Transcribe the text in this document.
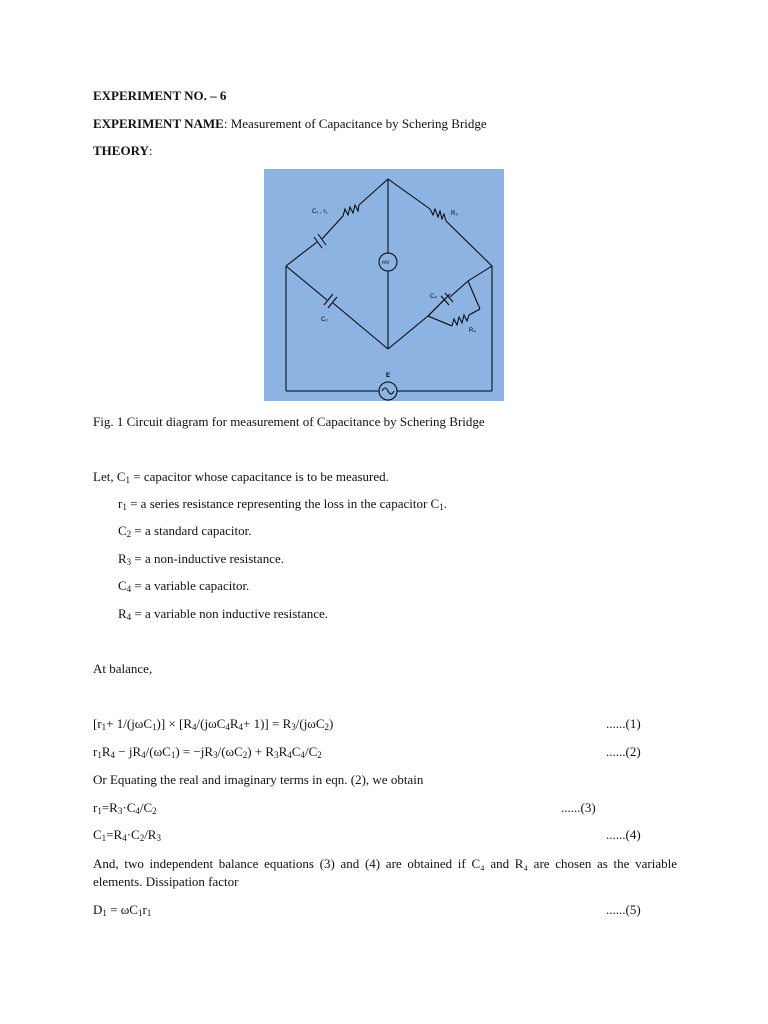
EXPERIMENT NO. – 6
EXPERIMENT NAME: Measurement of Capacitance by Schering Bridge
THEORY:
C₁ , r₁	R₃
mV
C₄
R₄
C₂
E
Fig. 1 Circuit diagram for measurement of Capacitance by Schering Bridge
Let, $C_1$ = capacitor whose capacitance is to be measured.
$r_1 = a$ series resistance representing the loss in the capacitor $C_1$.
$C_2 = a$ standard capacitor.
$R_3 = a$ non-inductive resistance.
$C_4 = a$ variable capacitor.
$R_4 = a$ variable non inductive resistance.
At balance,
$[r_1+ 1/(j\omega C_1)] \times [R_4/(j\omega C_4R_4+ 1)] = R_3/(j\omega C_2)$	......(1)
$r_1R_4 - jR_4/(\omega C_1) = -jR_3/(\omega C_2) + R_3R_4C_4/C_2$	......(2)
Or Equating the real and imaginary terms in eqn. (2), we obtain
$r_1=R_3\cdot C_4/C_2$	......(3)
$C_1=R_4\cdot C_2/R_3$	......(4)
And, two independent balance equations (3) and (4) are obtained if C₄ and R₄ are chosen as the variable elements. Dissipation factor
$D_1 = \omega C_1r_1$	......(5)
